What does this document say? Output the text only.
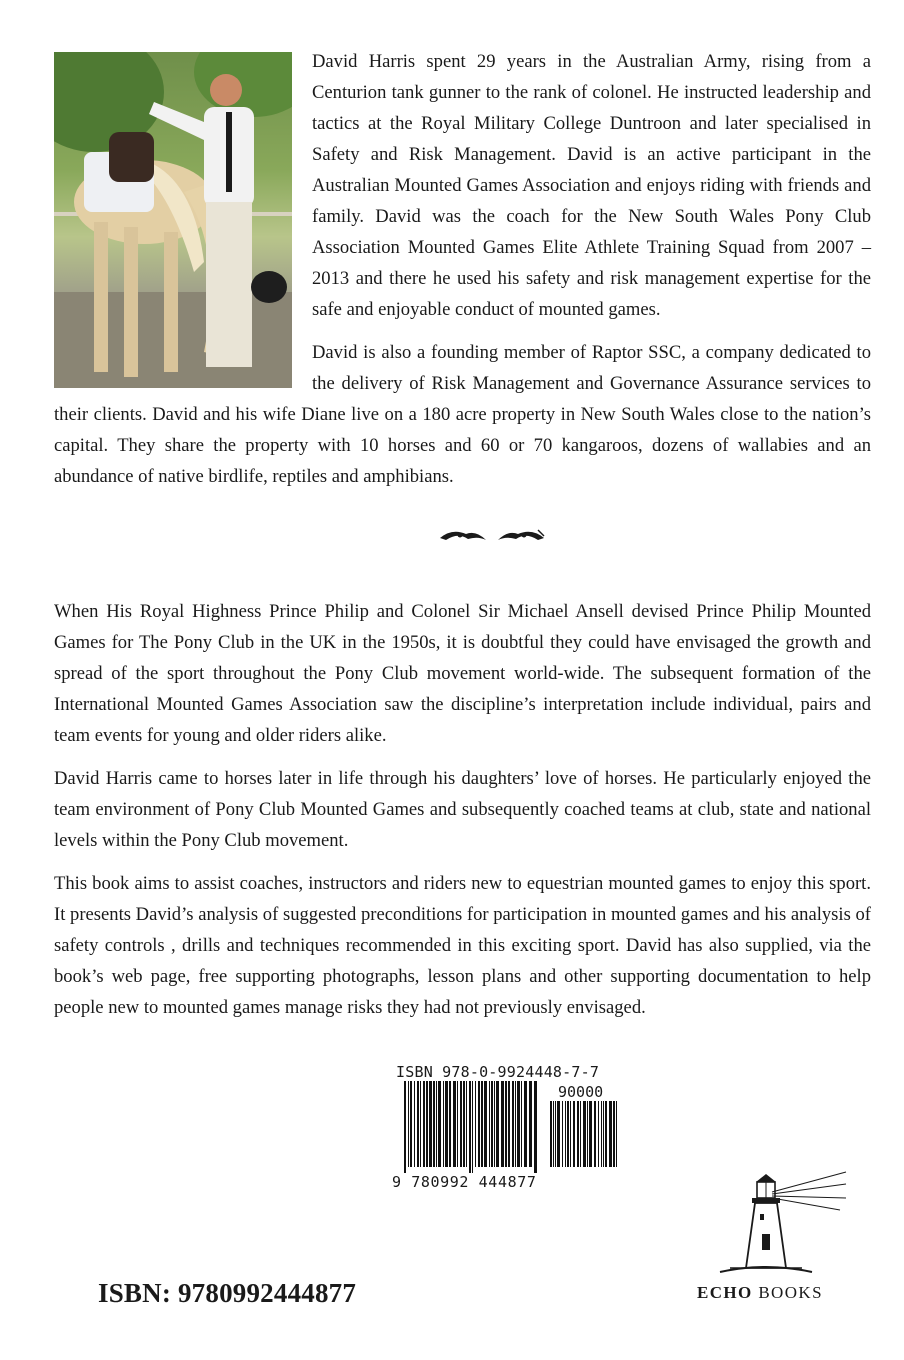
David Harris spent 29 years in the Australian Army, rising from a Centurion tank gunner to the rank of colonel. He instructed leadership and tactics at the Royal Military College Duntroon and later specialised in Safety and Risk Management. David is an active participant in the Australian Mounted Games Association and enjoys riding with friends and family. David was the coach for the New South Wales Pony Club Association Mounted Games Elite Athlete Training Squad from 2007 – 2013 and there he used his safety and risk management expertise for the safe and enjoyable conduct of mounted games.

David is also a founding member of Raptor SSC, a company dedicated to the delivery of Risk Management and Governance Assurance services to their clients. David and his wife Diane live on a 180 acre property in New South Wales close to the nation’s capital. They share the property with 10 horses and 60 or 70 kangaroos, dozens of wallabies and an abundance of native birdlife, reptiles and amphibians.

When His Royal Highness Prince Philip and Colonel Sir Michael Ansell devised Prince Philip Mounted Games for The Pony Club in the UK in the 1950s, it is doubtful they could have envisaged the growth and spread of the sport throughout the Pony Club movement world-wide. The subsequent formation of the International Mounted Games Association saw the discipline’s interpretation include individual, pairs and team events for young and older riders alike.

David Harris came to horses later in life through his daughters’ love of horses. He particularly enjoyed the team environment of Pony Club Mounted Games and subsequently coached teams at club, state and national levels within the Pony Club movement.

This book aims to assist coaches, instructors and riders new to equestrian mounted games to enjoy this sport. It presents David’s analysis of suggested preconditions for participation in mounted games and his analysis of safety controls , drills and techniques recommended in this exciting sport. David has also supplied, via the book’s web page, free supporting photographs, lesson plans and other supporting documentation to help people new to mounted games manage risks they had not previously envisaged.

ISBN 978-0-9924448-7-7
90000
9 780992 444877
ISBN: 9780992444877	ECHO BOOKS
